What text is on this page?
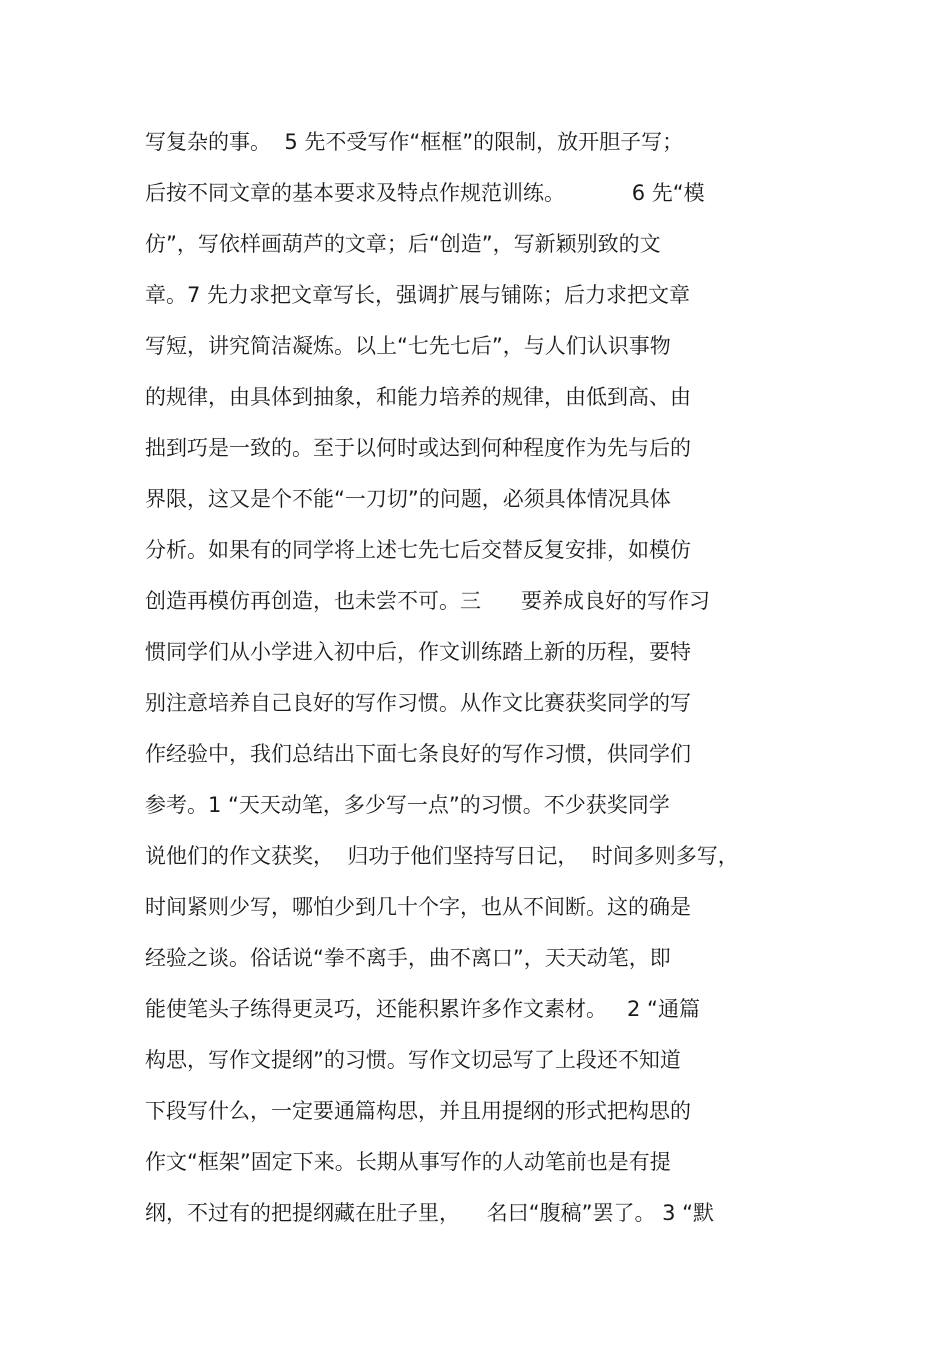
写复杂的事。  5 先不受写作“框框”的限制，放开胆子写；
后按不同文章的基本要求及特点作规范训练。          6 先“模
仿”，写依样画葫芦的文章；后“创造”，写新颖别致的文
章。7 先力求把文章写长，强调扩展与铺陈；后力求把文章
写短，讲究简洁凝炼。以上“七先七后”，与人们认识事物
的规律，由具体到抽象，和能力培养的规律，由低到高、由
拙到巧是一致的。至于以何时或达到何种程度作为先与后的
界限，这又是个不能“一刀切”的问题，必须具体情况具体
分析。如果有的同学将上述七先七后交替反复安排，如模仿
创造再模仿再创造，也未尝不可。三      要养成良好的写作习
惯同学们从小学进入初中后，作文训练踏上新的历程，要特
别注意培养自己良好的写作习惯。从作文比赛获奖同学的写
作经验中，我们总结出下面七条良好的写作习惯，供同学们
参考。1 “天天动笔，多少写一点”的习惯。不少获奖同学
说他们的作文获奖，  归功于他们坚持写日记，  时间多则多写，
时间紧则少写，哪怕少到几十个字，也从不间断。这的确是
经验之谈。俗话说“拳不离手，曲不离口”，天天动笔，即
能使笔头子练得更灵巧，还能积累许多作文素材。   2 “通篇
构思，写作文提纲”的习惯。写作文切忌写了上段还不知道
下段写什么，一定要通篇构思，并且用提纲的形式把构思的
作文“框架”固定下来。长期从事写作的人动笔前也是有提
纲，不过有的把提纲藏在肚子里，    名曰“腹稿”罢了。 3 “默
